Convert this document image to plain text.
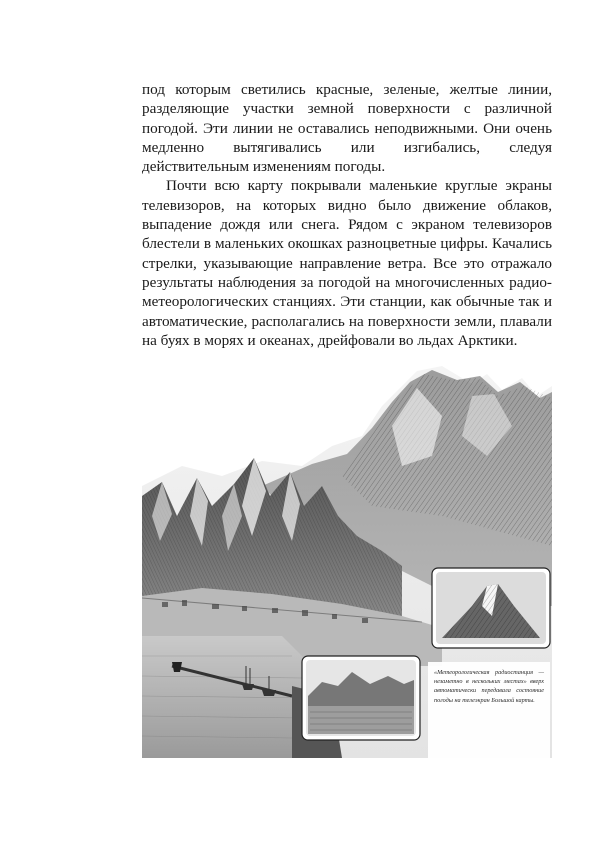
под которым светились красные, зеленые, желтые линии, разделяющие участки земной поверхности с различной погодой. Эти линии не оставались неподвижными. Они очень медленно вытягивались или изгибались, следуя действительным изменениям погоды.

Почти всю карту покрывали маленькие круглые экраны телевизоров, на которых видно было движение облаков, выпадение дождя или снега. Рядом с экраном телевизоров блестели в маленьких окошках разноцветные цифры. Качались стрелки, указывающие направление ветра. Все это отражало результаты наблюдения за погодой на многочисленных радио-метеорологических станциях. Эти станции, как обычные так и автоматические, располагались на поверхности земли, плавали на буях в морях и океанах, дрейфовали во льдах Арктики.

«Метеорологическая радиостанция — незаметно в нескольких местах» вверх автоматически передавала состояние погоды на телеэкран Большой карты.
